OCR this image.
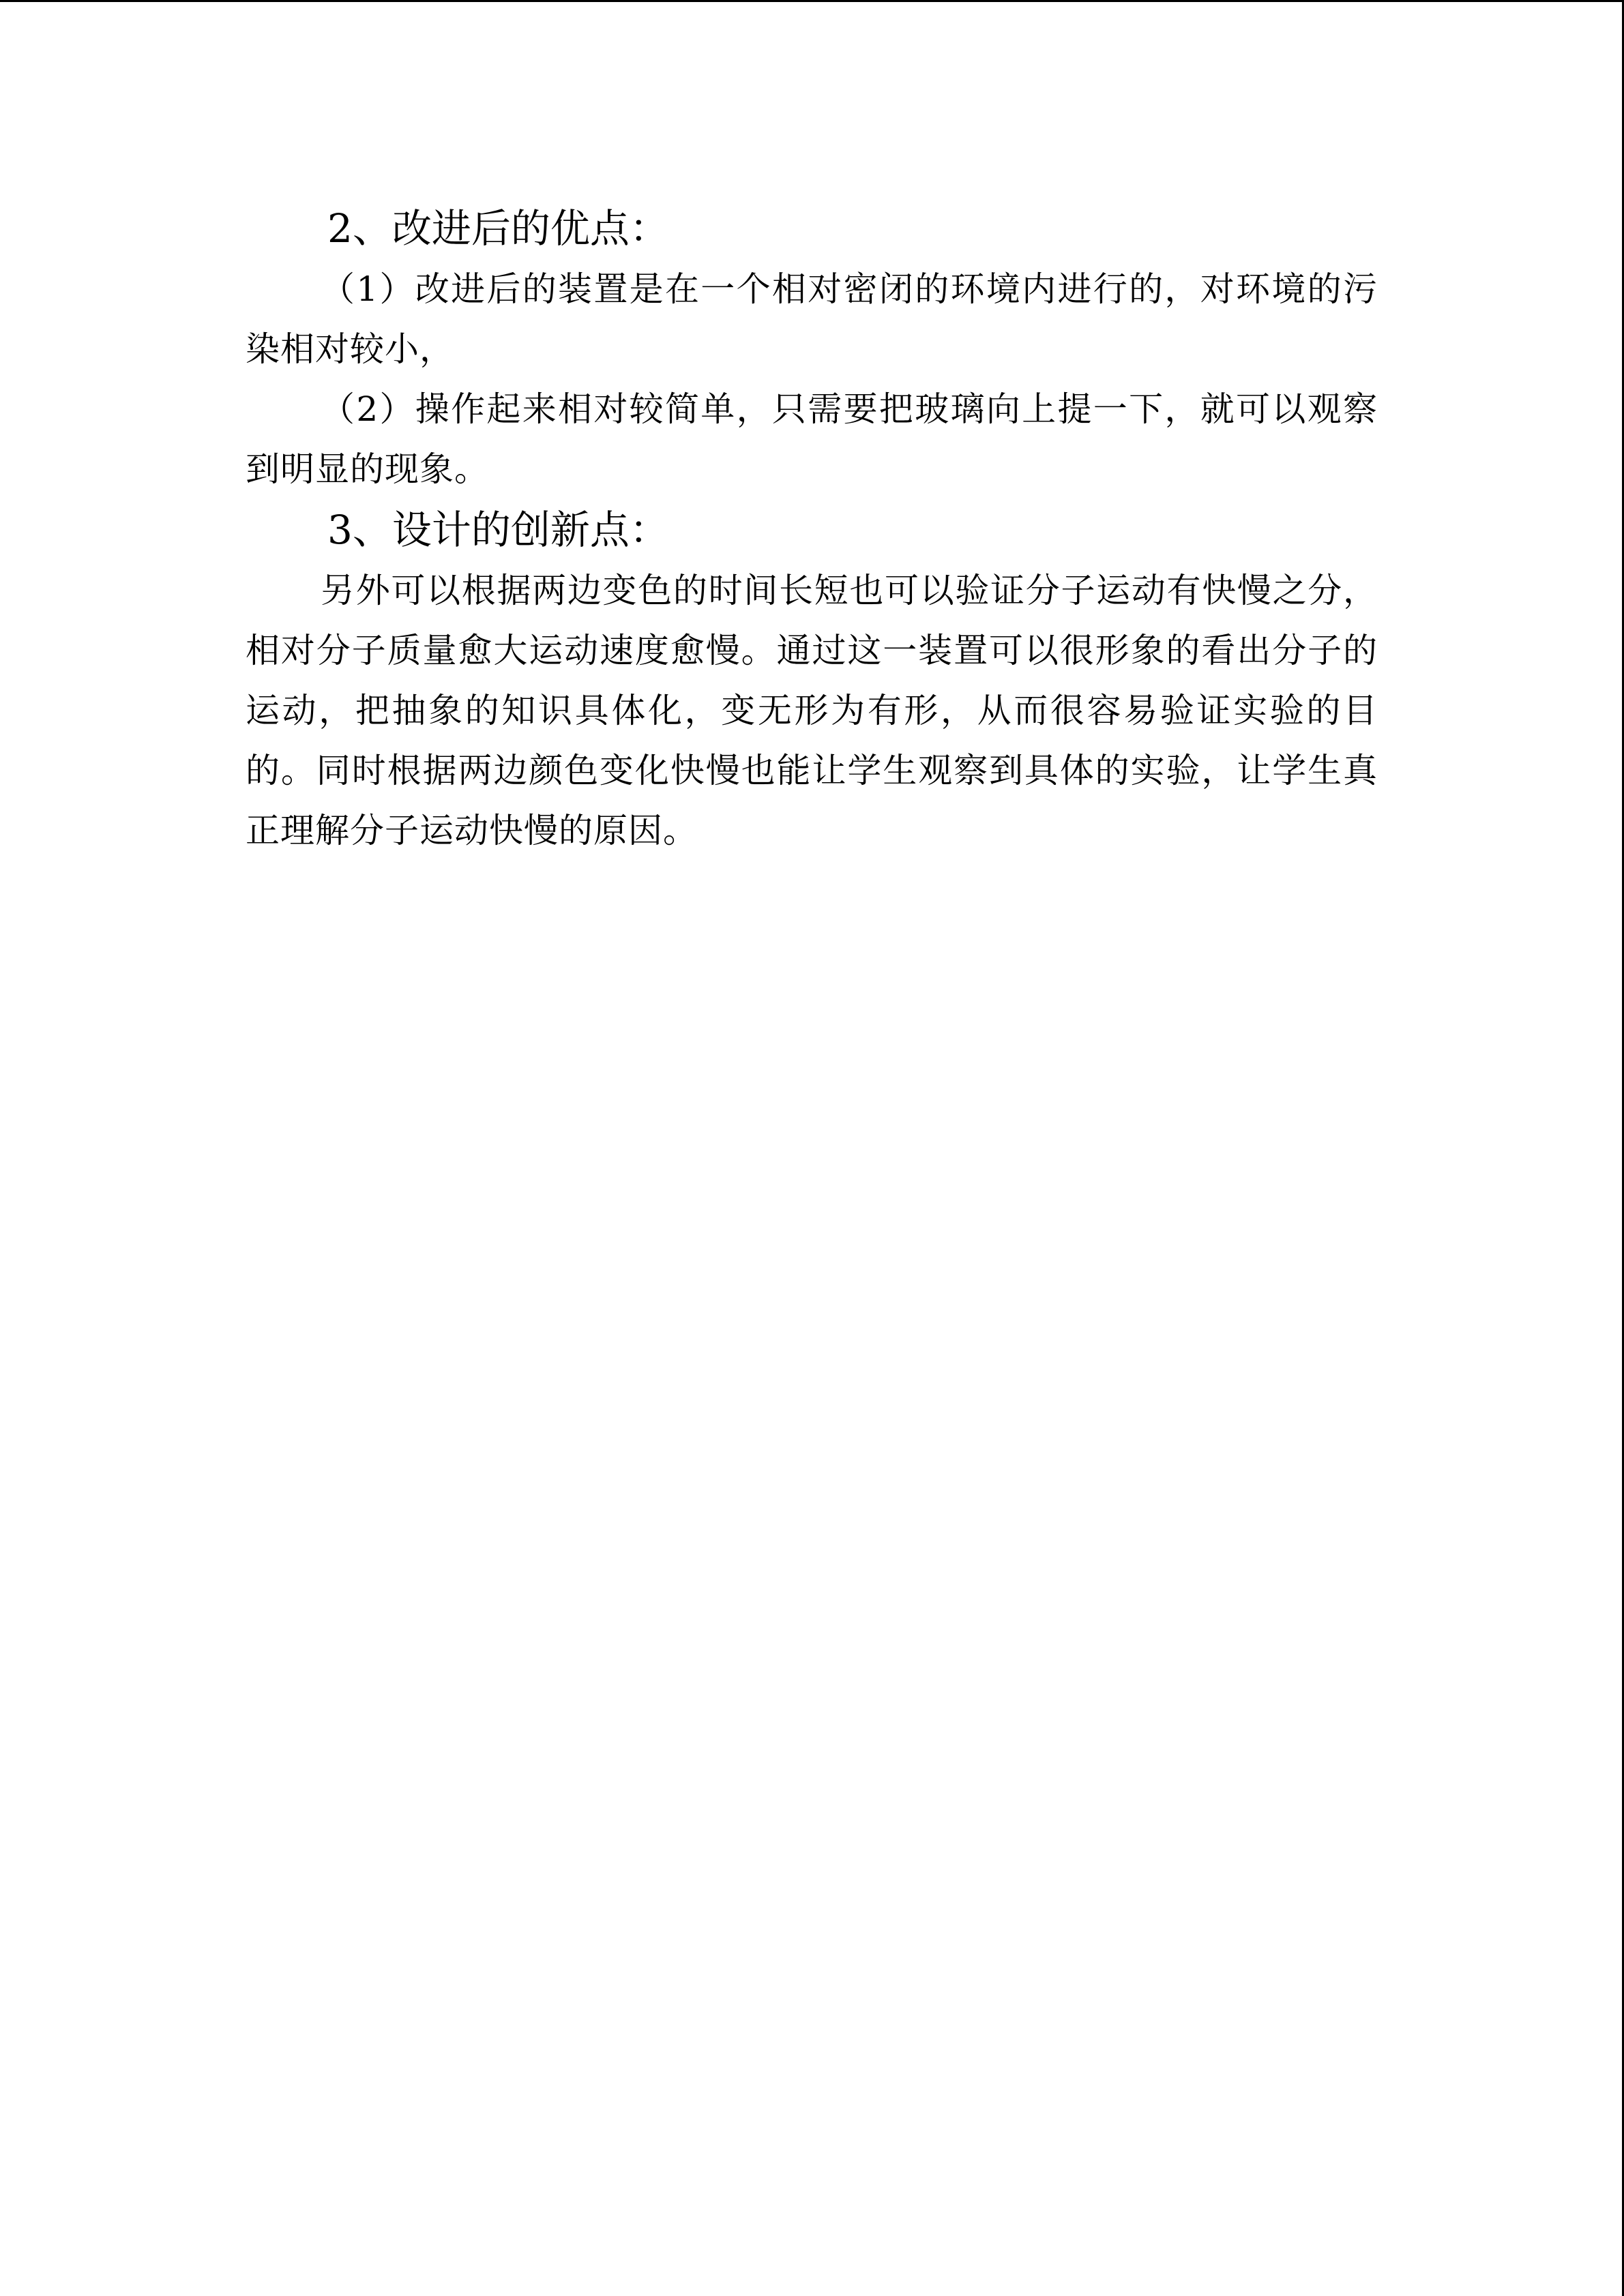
2、改进后的优点：
（1）改进后的装置是在一个相对密闭的环境内进行的，对环境的污染相对较小，
（2）操作起来相对较简单，只需要把玻璃向上提一下，就可以观察到明显的现象。
3、设计的创新点：
另外可以根据两边变色的时间长短也可以验证分子运动有快慢之分，相对分子质量愈大运动速度愈慢。通过这一装置可以很形象的看出分子的运动，把抽象的知识具体化，变无形为有形，从而很容易验证实验的目的。同时根据两边颜色变化快慢也能让学生观察到具体的实验，让学生真正理解分子运动快慢的原因。
